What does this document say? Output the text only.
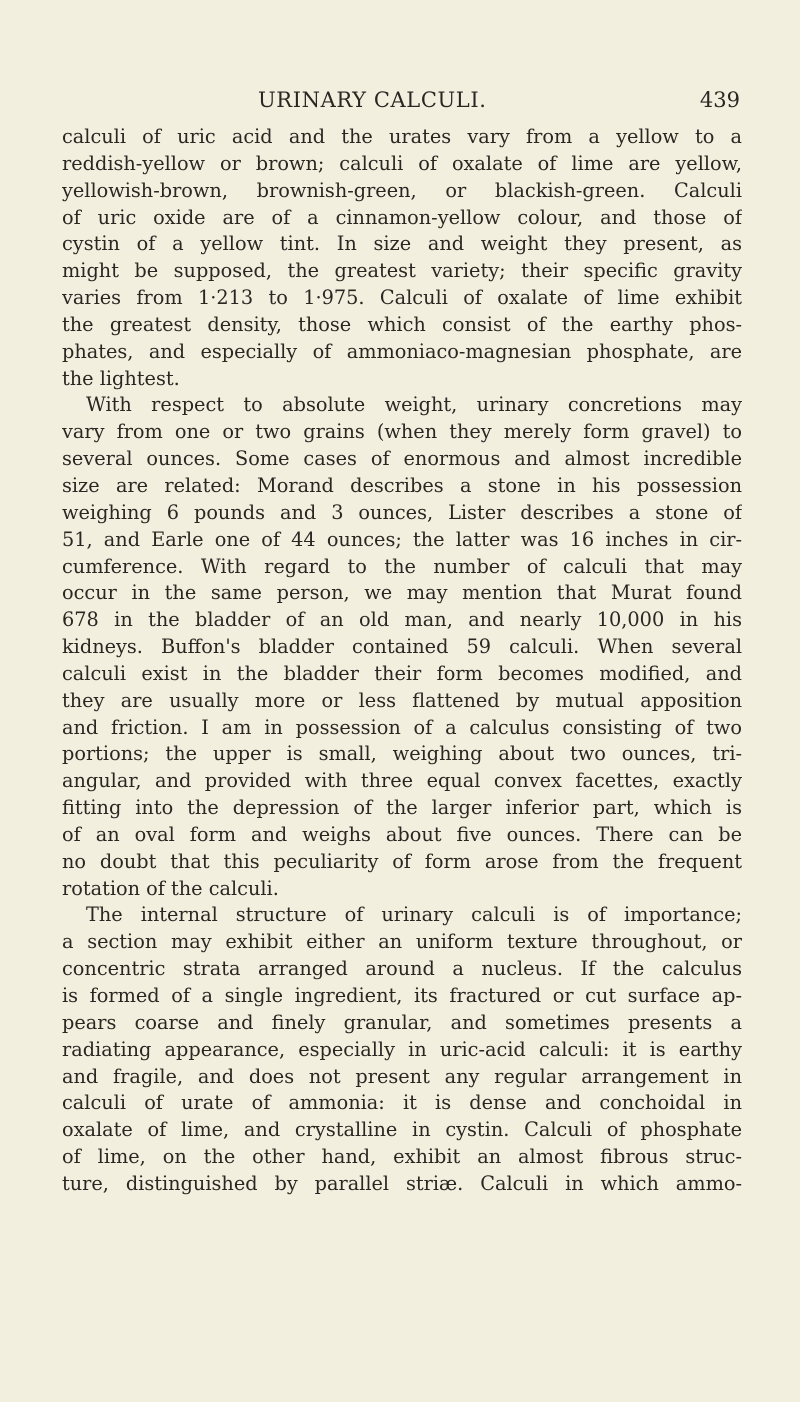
URINARY CALCULI.	439
calculi of uric acid and the urates vary from a yellow to a
reddish-yellow or brown; calculi of oxalate of lime are yellow,
yellowish-brown, brownish-green, or blackish-green. Calculi
of uric oxide are of a cinnamon-yellow colour, and those of
cystin of a yellow tint. In size and weight they present, as
might be supposed, the greatest variety; their specific gravity
varies from 1·213 to 1·975. Calculi of oxalate of lime exhibit
the greatest density, those which consist of the earthy phos-
phates, and especially of ammoniaco-magnesian phosphate, are
the lightest.
With respect to absolute weight, urinary concretions may
vary from one or two grains (when they merely form gravel) to
several ounces. Some cases of enormous and almost incredible
size are related: Morand describes a stone in his possession
weighing 6 pounds and 3 ounces, Lister describes a stone of
51, and Earle one of 44 ounces; the latter was 16 inches in cir-
cumference. With regard to the number of calculi that may
occur in the same person, we may mention that Murat found
678 in the bladder of an old man, and nearly 10,000 in his
kidneys. Buffon's bladder contained 59 calculi. When several
calculi exist in the bladder their form becomes modified, and
they are usually more or less flattened by mutual apposition
and friction. I am in possession of a calculus consisting of two
portions; the upper is small, weighing about two ounces, tri-
angular, and provided with three equal convex facettes, exactly
fitting into the depression of the larger inferior part, which is
of an oval form and weighs about five ounces. There can be
no doubt that this peculiarity of form arose from the frequent
rotation of the calculi.
The internal structure of urinary calculi is of importance;
a section may exhibit either an uniform texture throughout, or
concentric strata arranged around a nucleus. If the calculus
is formed of a single ingredient, its fractured or cut surface ap-
pears coarse and finely granular, and sometimes presents a
radiating appearance, especially in uric-acid calculi: it is earthy
and fragile, and does not present any regular arrangement in
calculi of urate of ammonia: it is dense and conchoidal in
oxalate of lime, and crystalline in cystin. Calculi of phosphate
of lime, on the other hand, exhibit an almost fibrous struc-
ture, distinguished by parallel striæ. Calculi in which ammo-
